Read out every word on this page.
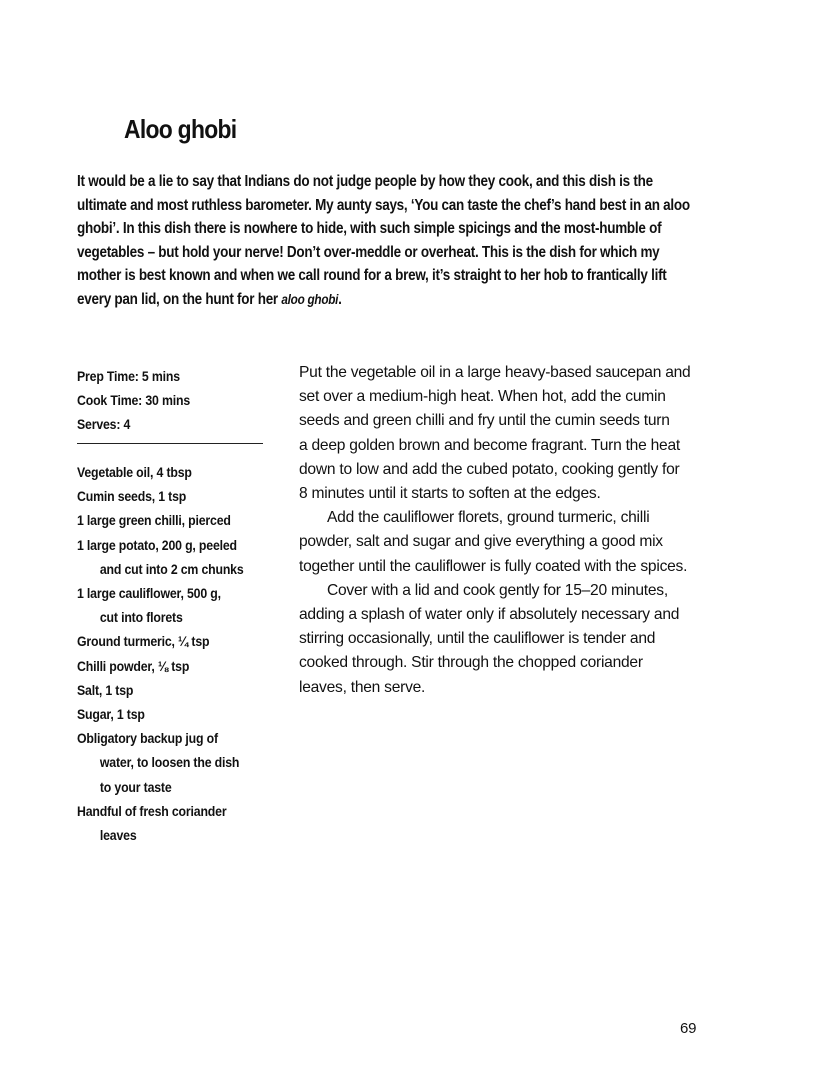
Aloo ghobi

It would be a lie to say that Indians do not judge people by how they cook, and this dish is the ultimate and most ruthless barometer. My aunty says, ‘You can taste the chef’s hand best in an aloo ghobi’. In this dish there is nowhere to hide, with such simple spicings and the most-humble of vegetables – but hold your nerve! Don’t over-meddle or overheat. This is the dish for which my mother is best known and when we call round for a brew, it’s straight to her hob to frantically lift every pan lid, on the hunt for her aloo ghobi.

Prep Time: 5 mins
Cook Time: 30 mins
Serves: 4
Vegetable oil, 4 tbsp
Cumin seeds, 1 tsp
1 large green chilli, pierced
1 large potato, 200 g, peeled
and cut into 2 cm chunks
1 large cauliflower, 500 g,
cut into florets
Ground turmeric, ¼ tsp
Chilli powder, ⅛ tsp
Salt, 1 tsp
Sugar, 1 tsp
Obligatory backup jug of
water, to loosen the dish
to your taste
Handful of fresh coriander
leaves
Put the vegetable oil in a large heavy-based saucepan and
set over a medium-high heat. When hot, add the cumin
seeds and green chilli and fry until the cumin seeds turn
a deep golden brown and become fragrant. Turn the heat
down to low and add the cubed potato, cooking gently for
8 minutes until it starts to soften at the edges.
Add the cauliflower florets, ground turmeric, chilli
powder, salt and sugar and give everything a good mix
together until the cauliflower is fully coated with the spices.
Cover with a lid and cook gently for 15–20 minutes,
adding a splash of water only if absolutely necessary and
stirring occasionally, until the cauliflower is tender and
cooked through. Stir through the chopped coriander
leaves, then serve.
69
